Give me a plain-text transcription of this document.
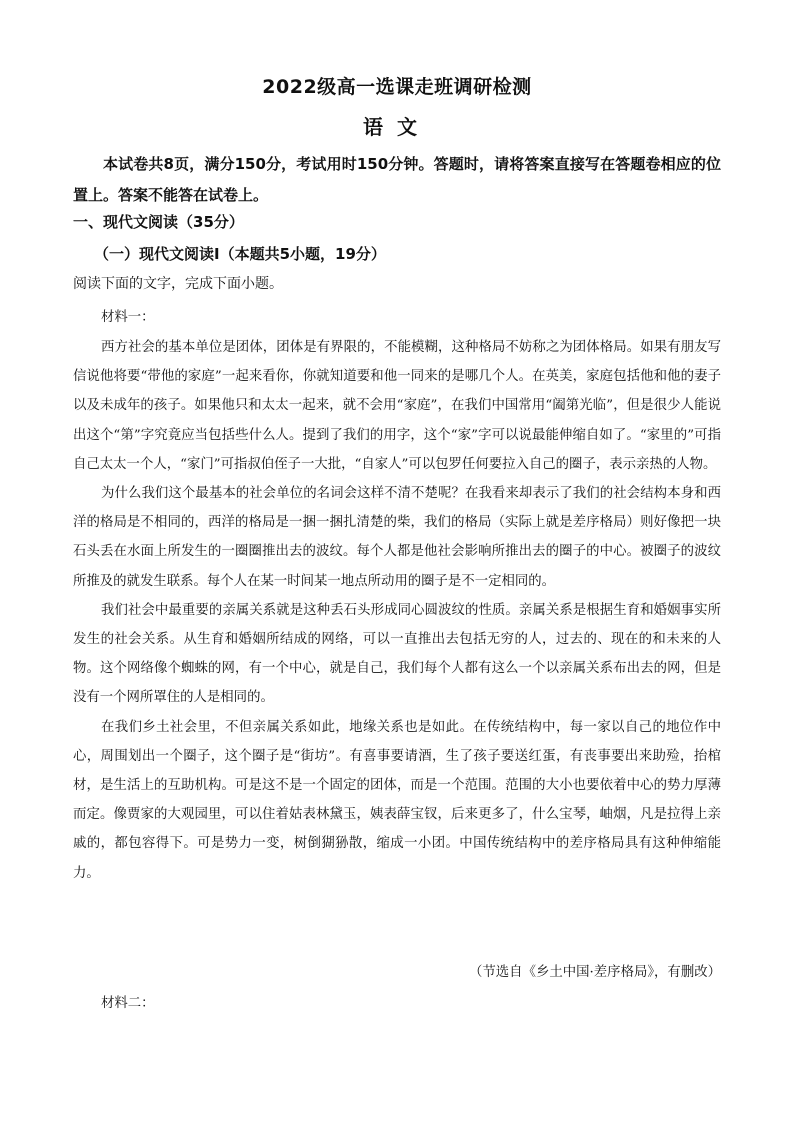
2022级高一选课走班调研检测
语文
本试卷共8页，满分150分，考试用时150分钟。答题时，请将答案直接写在答题卷相应的位置上。答案不能答在试卷上。
一、现代文阅读（35分）
（一）现代文阅读Ⅰ（本题共5小题，19分）
阅读下面的文字，完成下面小题。
材料一：

西方社会的基本单位是团体，团体是有界限的，不能模糊，这种格局不妨称之为团体格局。如果有朋友写信说他将要“带他的家庭”一起来看你，你就知道要和他一同来的是哪几个人。在英美，家庭包括他和他的妻子以及未成年的孩子。如果他只和太太一起来，就不会用“家庭”，在我们中国常用“阖第光临”，但是很少人能说出这个“第”字究竟应当包括些什么人。提到了我们的用字，这个“家”字可以说最能伸缩自如了。“家里的”可指自己太太一个人，“家门”可指叔伯侄子一大批，“自家人”可以包罗任何要拉入自己的圈子，表示亲热的人物。

为什么我们这个最基本的社会单位的名词会这样不清不楚呢？在我看来却表示了我们的社会结构本身和西洋的格局是不相同的，西洋的格局是一捆一捆扎清楚的柴，我们的格局（实际上就是差序格局）则好像把一块石头丢在水面上所发生的一圈圈推出去的波纹。每个人都是他社会影响所推出去的圈子的中心。被圈子的波纹所推及的就发生联系。每个人在某一时间某一地点所动用的圈子是不一定相同的。

我们社会中最重要的亲属关系就是这种丢石头形成同心圆波纹的性质。亲属关系是根据生育和婚姻事实所发生的社会关系。从生育和婚姻所结成的网络，可以一直推出去包括无穷的人，过去的、现在的和未来的人物。这个网络像个蜘蛛的网，有一个中心，就是自己，我们每个人都有这么一个以亲属关系布出去的网，但是没有一个网所罩住的人是相同的。

在我们乡土社会里，不但亲属关系如此，地缘关系也是如此。在传统结构中，每一家以自己的地位作中心，周围划出一个圈子，这个圈子是“街坊”。有喜事要请酒，生了孩子要送红蛋，有丧事要出来助殓，抬棺材，是生活上的互助机构。可是这不是一个固定的团体，而是一个范围。范围的大小也要依着中心的势力厚薄而定。像贾家的大观园里，可以住着姑表林黛玉，姨表薛宝钗，后来更多了，什么宝琴，岫烟，凡是拉得上亲戚的，都包容得下。可是势力一变，树倒猢狲散，缩成一小团。中国传统结构中的差序格局具有这种伸缩能力。

（节选自《乡土中国·差序格局》，有删改）
材料二：
